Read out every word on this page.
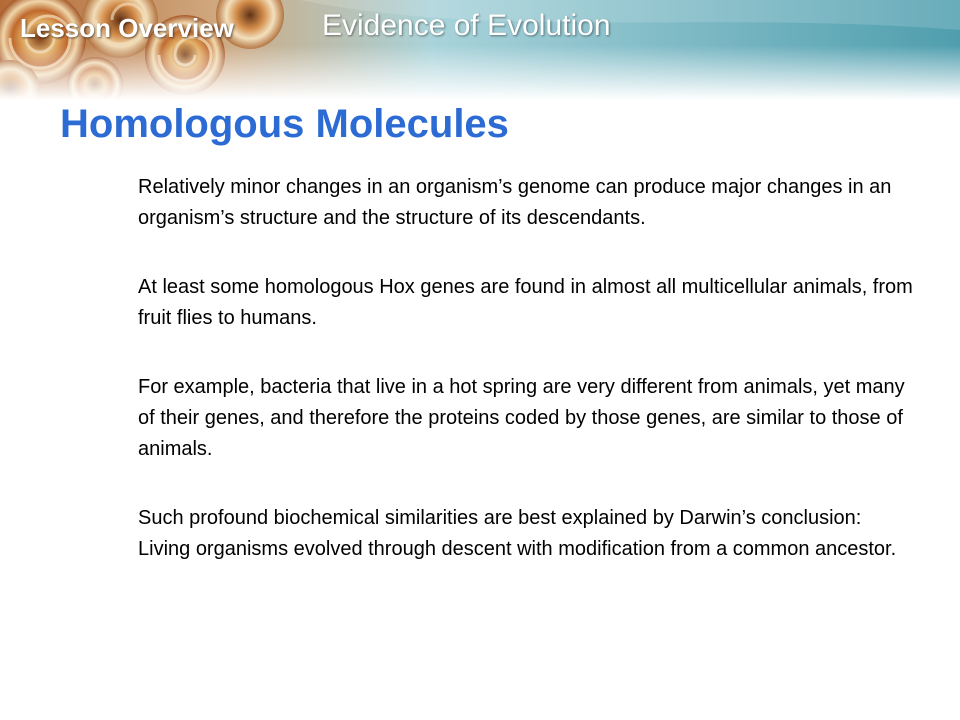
Lesson Overview	Evidence of Evolution
Homologous Molecules

Relatively minor changes in an organism’s genome can produce major changes in an organism’s structure and the structure of its descendants.

At least some homologous Hox genes are found in almost all multicellular animals, from fruit flies to humans.

For example, bacteria that live in a hot spring are very different from animals, yet many of their genes, and therefore the proteins coded by those genes, are similar to those of animals.

Such profound biochemical similarities are best explained by Darwin’s conclusion: Living organisms evolved through descent with modification from a common ancestor.
